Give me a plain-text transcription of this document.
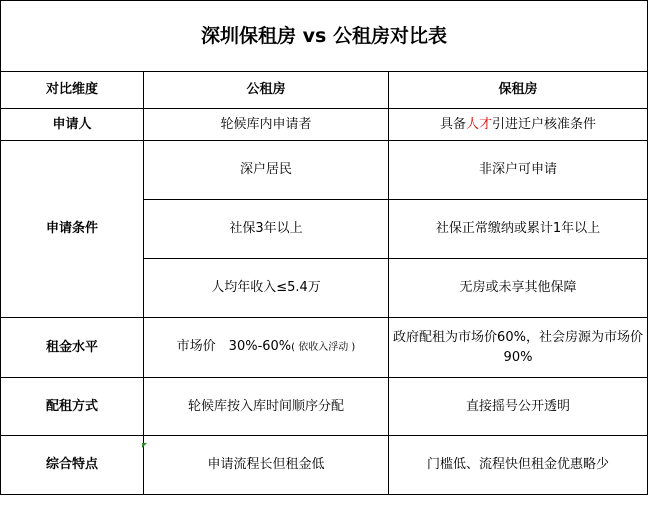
深圳保租房 vs 公租房对比表		
对比维度	公租房	保租房
申请人	轮候库内申请者	具备人才引进迁户核准条件
申请条件	深户居民	非深户可申请
	社保3年以上	社保正常缴纳或累计1年以上
	人均年收入≤5.4万	无房或未享其他保障
租金水平	市场价　30%-60%( 依收入浮动 )	政府配租为市场价60%，社会房源为市场价90%
配租方式	轮候库按入库时间顺序分配	直接摇号公开透明
综合特点	申请流程长但租金低	门槛低、流程快但租金优惠略少
